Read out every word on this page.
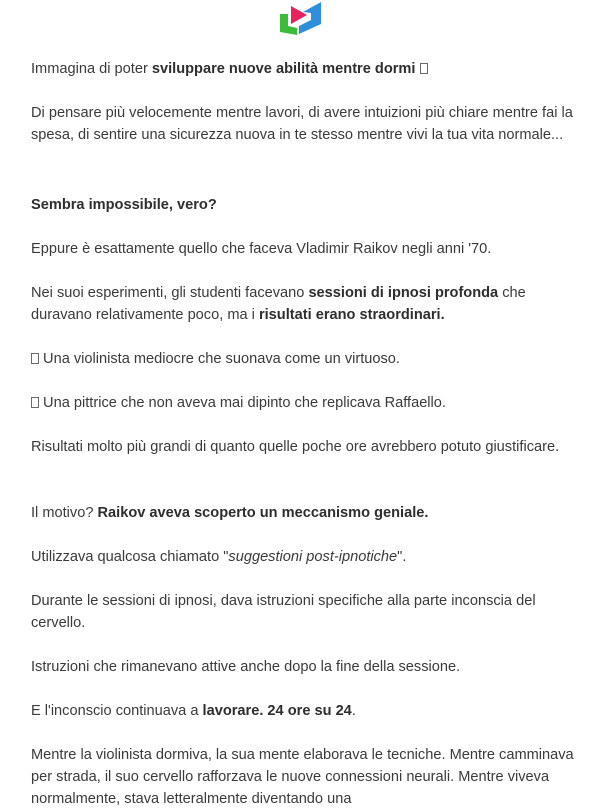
Immagina di poter sviluppare nuove abilità mentre dormi

Di pensare più velocemente mentre lavori, di avere intuizioni più chiare mentre fai la spesa, di sentire una sicurezza nuova in te stesso mentre vivi la tua vita normale...

Sembra impossibile, vero?

Eppure è esattamente quello che faceva Vladimir Raikov negli anni '70.

Nei suoi esperimenti, gli studenti facevano sessioni di ipnosi profonda che duravano relativamente poco, ma i risultati erano straordinari.

Una violinista mediocre che suonava come un virtuoso.

Una pittrice che non aveva mai dipinto che replicava Raffaello.

Risultati molto più grandi di quanto quelle poche ore avrebbero potuto giustificare.

Il motivo? Raikov aveva scoperto un meccanismo geniale.

Utilizzava qualcosa chiamato "suggestioni post-ipnotiche".

Durante le sessioni di ipnosi, dava istruzioni specifiche alla parte inconscia del cervello.

Istruzioni che rimanevano attive anche dopo la fine della sessione.

E l'inconscio continuava a lavorare. 24 ore su 24.

Mentre la violinista dormiva, la sua mente elaborava le tecniche. Mentre camminava per strada, il suo cervello rafforzava le nuove connessioni neurali. Mentre viveva normalmente, stava letteralmente diventando una
